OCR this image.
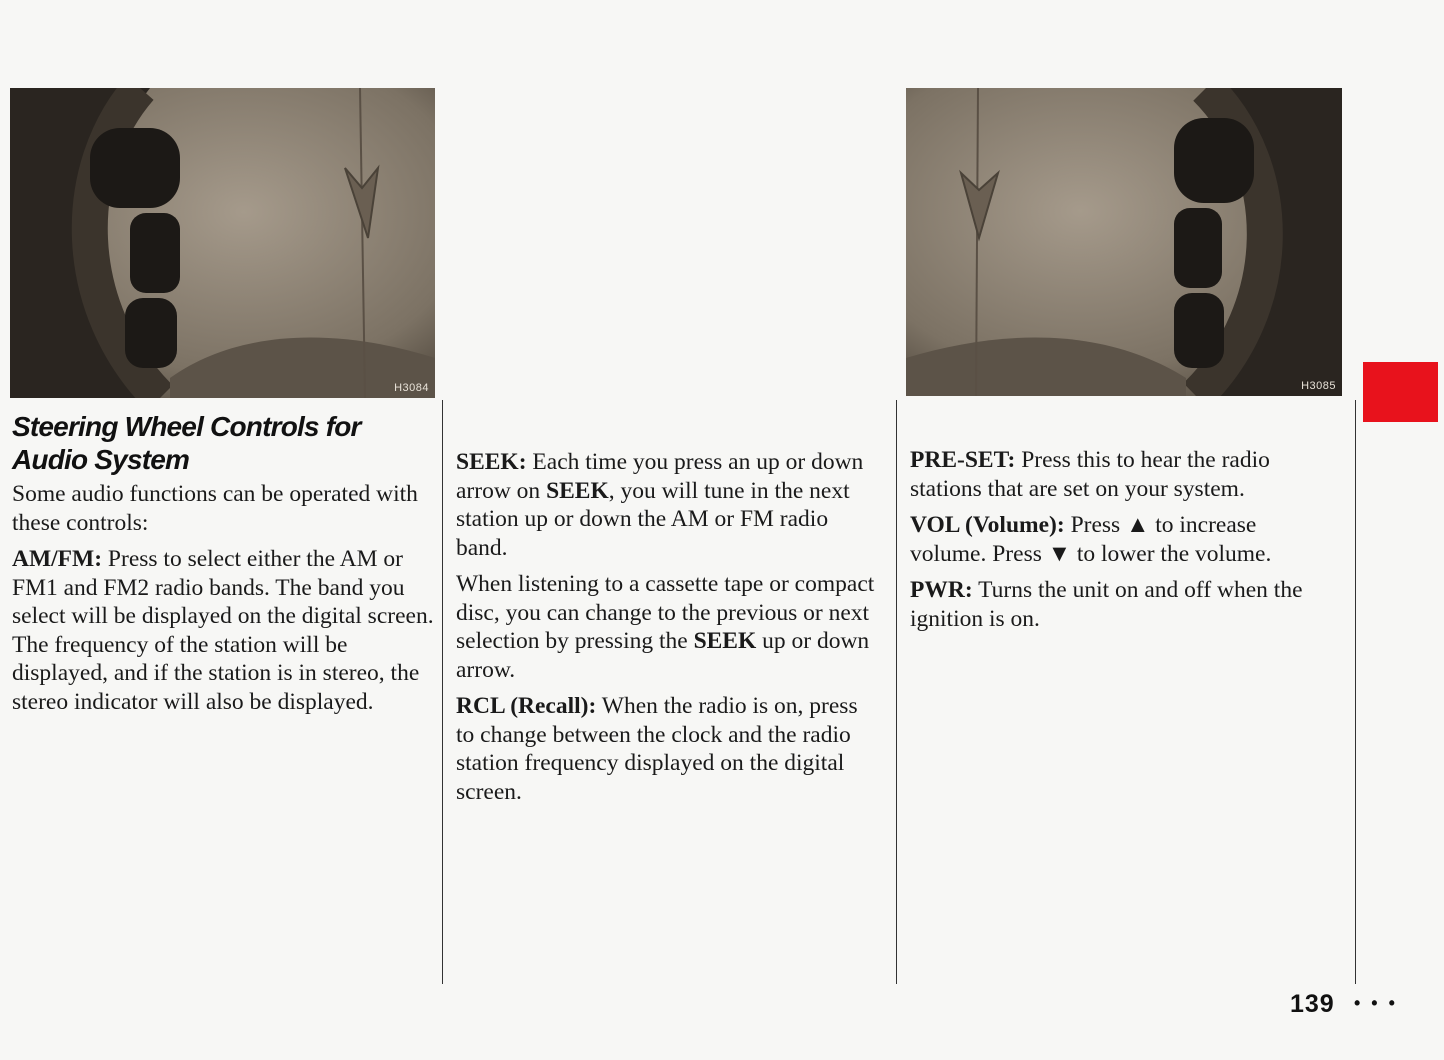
H3084	H3085
Steering Wheel Controls for
Audio System

Some audio functions can be operated with these controls:

AM/FM: Press to select either the AM or FM1 and FM2 radio bands. The band you select will be displayed on the digital screen. The frequency of the station will be displayed, and if the station is in stereo, the stereo indicator will also be displayed.

SEEK: Each time you press an up or down arrow on SEEK, you will tune in the next station up or down the AM or FM radio band.

When listening to a cassette tape or compact disc, you can change to the previous or next selection by pressing the SEEK up or down arrow.

RCL (Recall): When the radio is on, press to change between the clock and the radio station frequency displayed on the digital screen.

PRE-SET: Press this to hear the radio stations that are set on your system.

VOL (Volume): Press ▲ to increase volume. Press ▼ to lower the volume.

PWR: Turns the unit on and off when the ignition is on.

139 • • •
